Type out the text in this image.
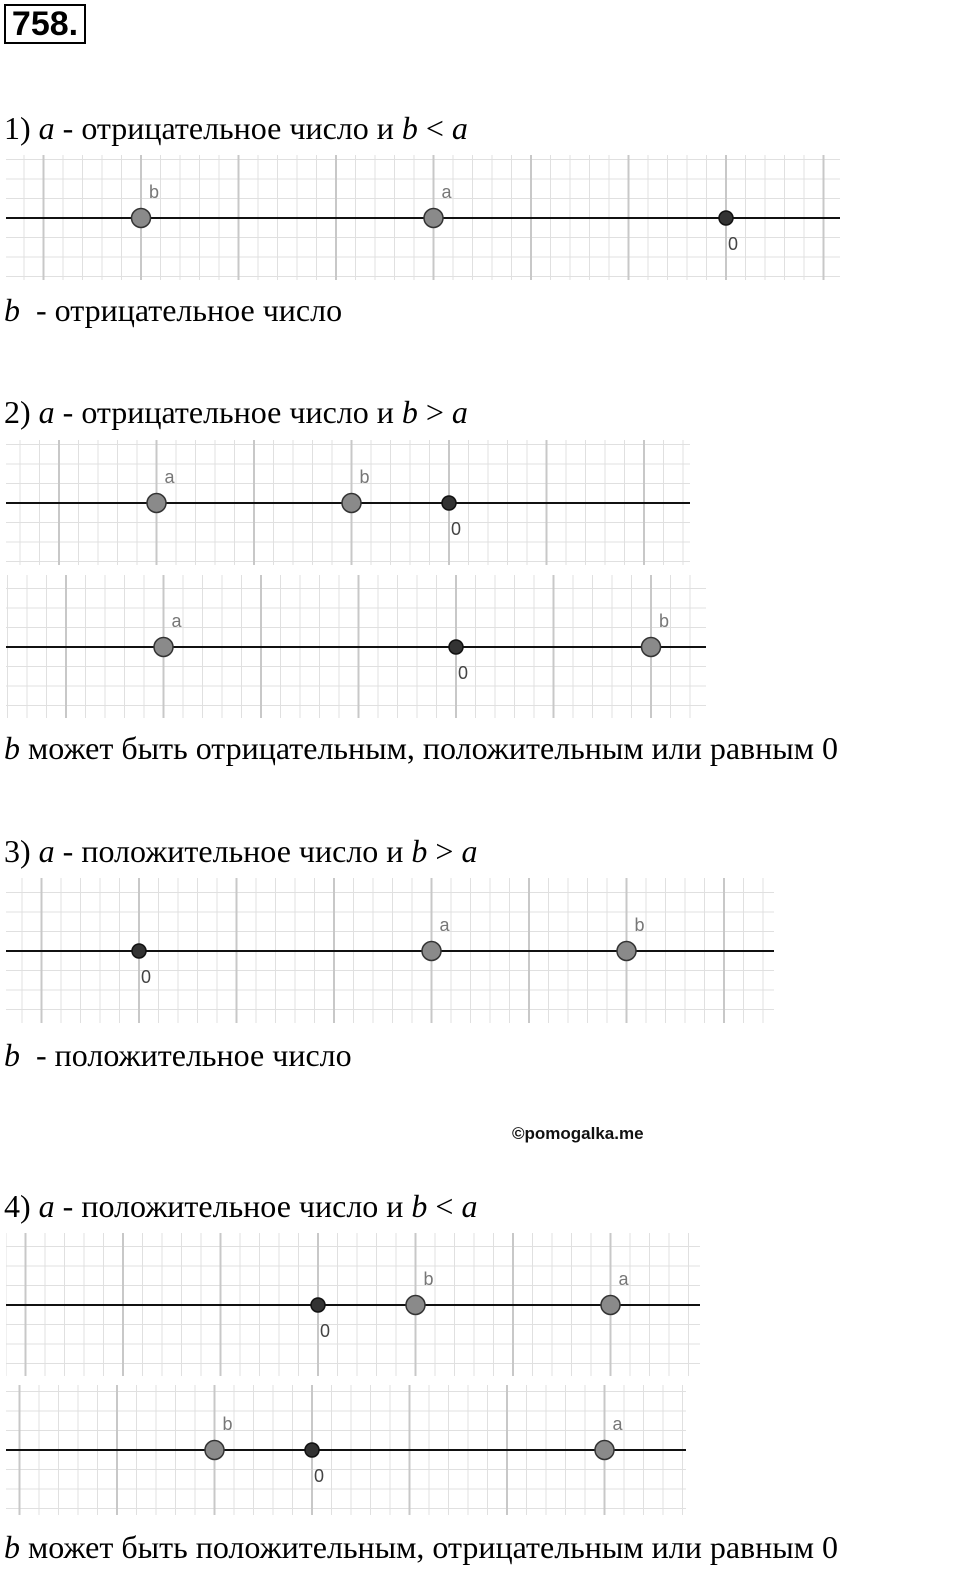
758.
1) a - отрицательное число и b < a
b	a
0
b - отрицательное число
2) a - отрицательное число и b > a
a	b
0
a
0
b
b может быть отрицательным, положительным или равным 0
3) a - положительное число и b > a
0
a	b
b - положительное число
©pomogalka.me
4) a - положительное число и b < a
0
b	a
b
0
a
b может быть положительным, отрицательным или равным 0
